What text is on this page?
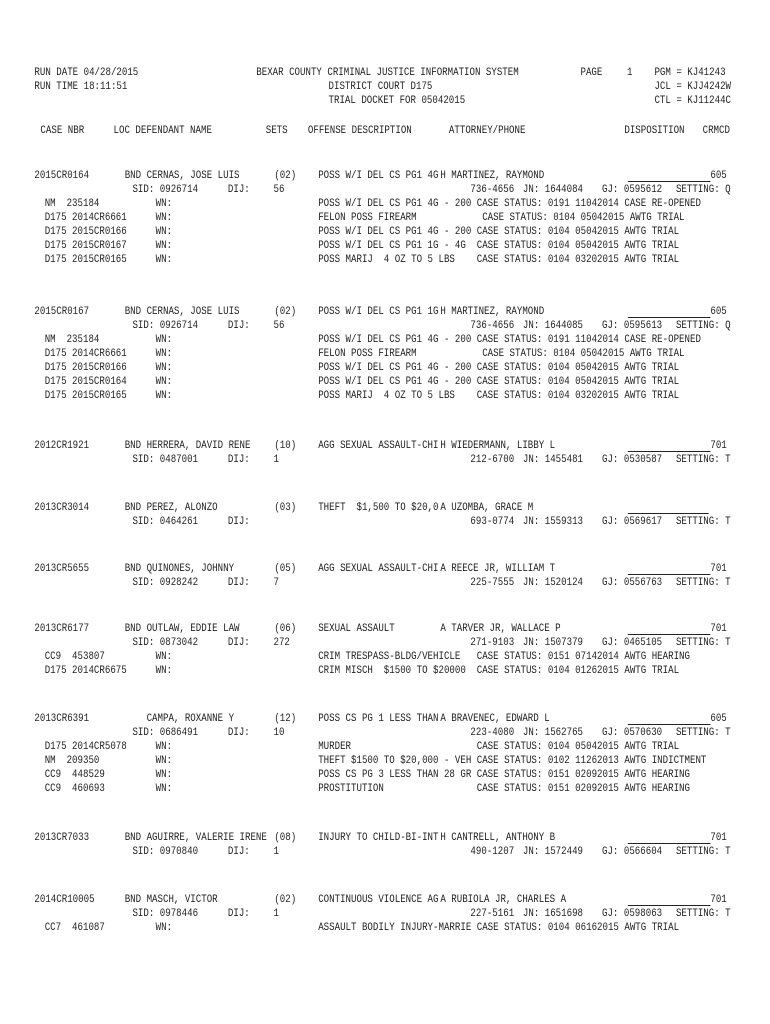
RUN DATE 04/28/2015	BEXAR COUNTY CRIMINAL JUSTICE INFORMATION SYSTEM	PAGE 1 PGM = KJ41243
RUN TIME 18:11:51	DISTRICT COURT D175	JCL = KJJ4242W
TRIAL DOCKET FOR 05042015	CTL = KJ11244C
CASE NBR	LOC DEFENDANT NAME	SETS OFFENSE DESCRIPTION	ATTORNEY/PHONE	DISPOSITION CRMCD
2015CR0164	BND CERNAS, JOSE LUIS	(02) POSS W/I DEL CS PG1 4G H MARTINEZ, RAYMOND	605
SID: 0926714	DIJ: 56	736-4656 JN: 1644084 GJ: 0595612 SETTING: Q
NM  235184	WN:	POSS W/I DEL CS PG1 4G - 200 CASE STATUS: 0191 11042014 CASE RE-OPENED
D175 2014CR6661	WN:	FELON POSS FIREARM            CASE STATUS: 0104 05042015 AWTG TRIAL
D175 2015CR0166	WN:	POSS W/I DEL CS PG1 4G - 200 CASE STATUS: 0104 05042015 AWTG TRIAL
D175 2015CR0167	WN:	POSS W/I DEL CS PG1 1G - 4G  CASE STATUS: 0104 05042015 AWTG TRIAL
D175 2015CR0165	WN:	POSS MARIJ  4 OZ TO 5 LBS    CASE STATUS: 0104 03202015 AWTG TRIAL
2015CR0167	BND CERNAS, JOSE LUIS	(02) POSS W/I DEL CS PG1 1G H MARTINEZ, RAYMOND	605
SID: 0926714	DIJ: 56	736-4656 JN: 1644085 GJ: 0595613 SETTING: Q
NM  235184	WN:	POSS W/I DEL CS PG1 4G - 200 CASE STATUS: 0191 11042014 CASE RE-OPENED
D175 2014CR6661	WN:	FELON POSS FIREARM            CASE STATUS: 0104 05042015 AWTG TRIAL
D175 2015CR0166	WN:	POSS W/I DEL CS PG1 4G - 200 CASE STATUS: 0104 05042015 AWTG TRIAL
D175 2015CR0164	WN:	POSS W/I DEL CS PG1 4G - 200 CASE STATUS: 0104 05042015 AWTG TRIAL
D175 2015CR0165	WN:	POSS MARIJ  4 OZ TO 5 LBS    CASE STATUS: 0104 03202015 AWTG TRIAL
2012CR1921	BND HERRERA, DAVID RENE (10) AGG SEXUAL ASSAULT-CHI H WIEDERMANN, LIBBY L	701
SID: 0487001	DIJ: 1	212-6700 JN: 1455481 GJ: 0530587 SETTING: T
2013CR3014	BND PEREZ, ALONZO	(03) THEFT  $1,500 TO $20,0 A UZOMBA, GRACE M
SID: 0464261	DIJ:	693-0774 JN: 1559313 GJ: 0569617 SETTING: T
2013CR5655	BND QUINONES, JOHNNY	(05) AGG SEXUAL ASSAULT-CHI A REECE JR, WILLIAM T	701
SID: 0928242	DIJ: 7	225-7555 JN: 1520124 GJ: 0556763 SETTING: T
2013CR6177	BND OUTLAW, EDDIE LAW	(06) SEXUAL ASSAULT	A TARVER JR, WALLACE P	701
SID: 0873042	DIJ: 272	271-9103 JN: 1507379 GJ: 0465105 SETTING: T
CC9  453807	WN:	CRIM TRESPASS-BLDG/VEHICLE   CASE STATUS: 0151 07142014 AWTG HEARING
D175 2014CR6675	WN:	CRIM MISCH  $1500 TO $20000  CASE STATUS: 0104 01262015 AWTG TRIAL
2013CR6391	CAMPA, ROXANNE Y	(12) POSS CS PG 1 LESS THAN A BRAVENEC, EDWARD L	605
SID: 0686491	DIJ: 10	223-4080 JN: 1562765 GJ: 0570630 SETTING: T
D175 2014CR5078	WN:	MURDER                       CASE STATUS: 0104 05042015 AWTG TRIAL
NM  209350	WN:	THEFT $1500 TO $20,000 - VEH CASE STATUS: 0102 11262013 AWTG INDICTMENT
CC9  448529	WN:	POSS CS PG 3 LESS THAN 28 GR CASE STATUS: 0151 02092015 AWTG HEARING
CC9  460693	WN:	PROSTITUTION                 CASE STATUS: 0151 02092015 AWTG HEARING
2013CR7033	BND AGUIRRE, VALERIE IRENE (08) INJURY TO CHILD-BI-INT H CANTRELL, ANTHONY B	701
SID: 0970840	DIJ: 1	490-1207 JN: 1572449 GJ: 0566604 SETTING: T
2014CR10005	BND MASCH, VICTOR	(02) CONTINUOUS VIOLENCE AG A RUBIOLA JR, CHARLES A	701
SID: 0978446	DIJ: 1	227-5161 JN: 1651698 GJ: 0598063 SETTING: T
CC7  461087	WN:	ASSAULT BODILY INJURY-MARRIE CASE STATUS: 0104 06162015 AWTG TRIAL
